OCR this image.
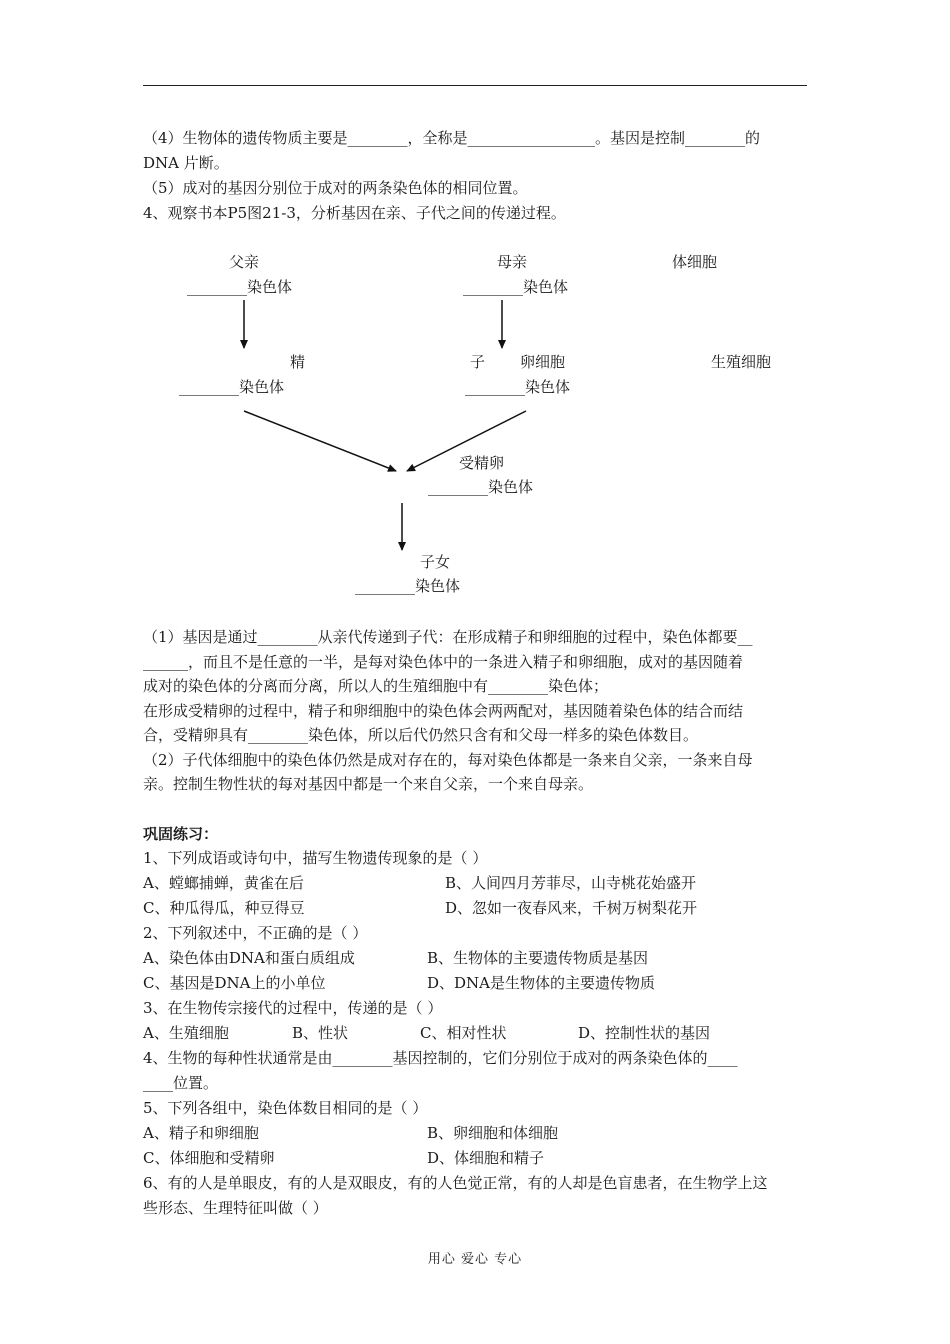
（4）生物体的遗传物质主要是________，全称是_________________。基因是控制________的
DNA 片断。
（5）成对的基因分别位于成对的两条染色体的相同位置。
4、观察书本P5图21-3，分析基因在亲、子代之间的传递过程。
父亲	母亲	体细胞
________染色体	________染色体
精	子 卵细胞	生殖细胞
________染色体	________染色体
受精卵
________染色体
子女
________染色体
（1）基因是通过________从亲代传递到子代：在形成精子和卵细胞的过程中，染色体都要__
______，而且不是任意的一半，是每对染色体中的一条进入精子和卵细胞，成对的基因随着
成对的染色体的分离而分离，所以人的生殖细胞中有________染色体；
在形成受精卵的过程中，精子和卵细胞中的染色体会两两配对，基因随着染色体的结合而结
合，受精卵具有________染色体，所以后代仍然只含有和父母一样多的染色体数目。
（2）子代体细胞中的染色体仍然是成对存在的，每对染色体都是一条来自父亲，一条来自母
亲。控制生物性状的每对基因中都是一个来自父亲，一个来自母亲。
巩固练习：
1、下列成语或诗句中，描写生物遗传现象的是（ ）
A、螳螂捕蝉，黄雀在后	B、人间四月芳菲尽，山寺桃花始盛开
C、种瓜得瓜，种豆得豆	D、忽如一夜春风来，千树万树梨花开
2、下列叙述中，不正确的是（ ）
A、染色体由DNA和蛋白质组成	B、生物体的主要遗传物质是基因
C、基因是DNA上的小单位	D、DNA是生物体的主要遗传物质
3、在生物传宗接代的过程中，传递的是（ ）
A、生殖细胞	B、性状	C、相对性状	D、控制性状的基因
4、生物的每种性状通常是由________基因控制的，它们分别位于成对的两条染色体的____
____位置。
5、下列各组中，染色体数目相同的是（ ）
A、精子和卵细胞	B、卵细胞和体细胞
C、体细胞和受精卵	D、体细胞和精子
6、有的人是单眼皮，有的人是双眼皮，有的人色觉正常，有的人却是色盲患者，在生物学上这
些形态、生理特征叫做（ ）
用心 爱心 专心
